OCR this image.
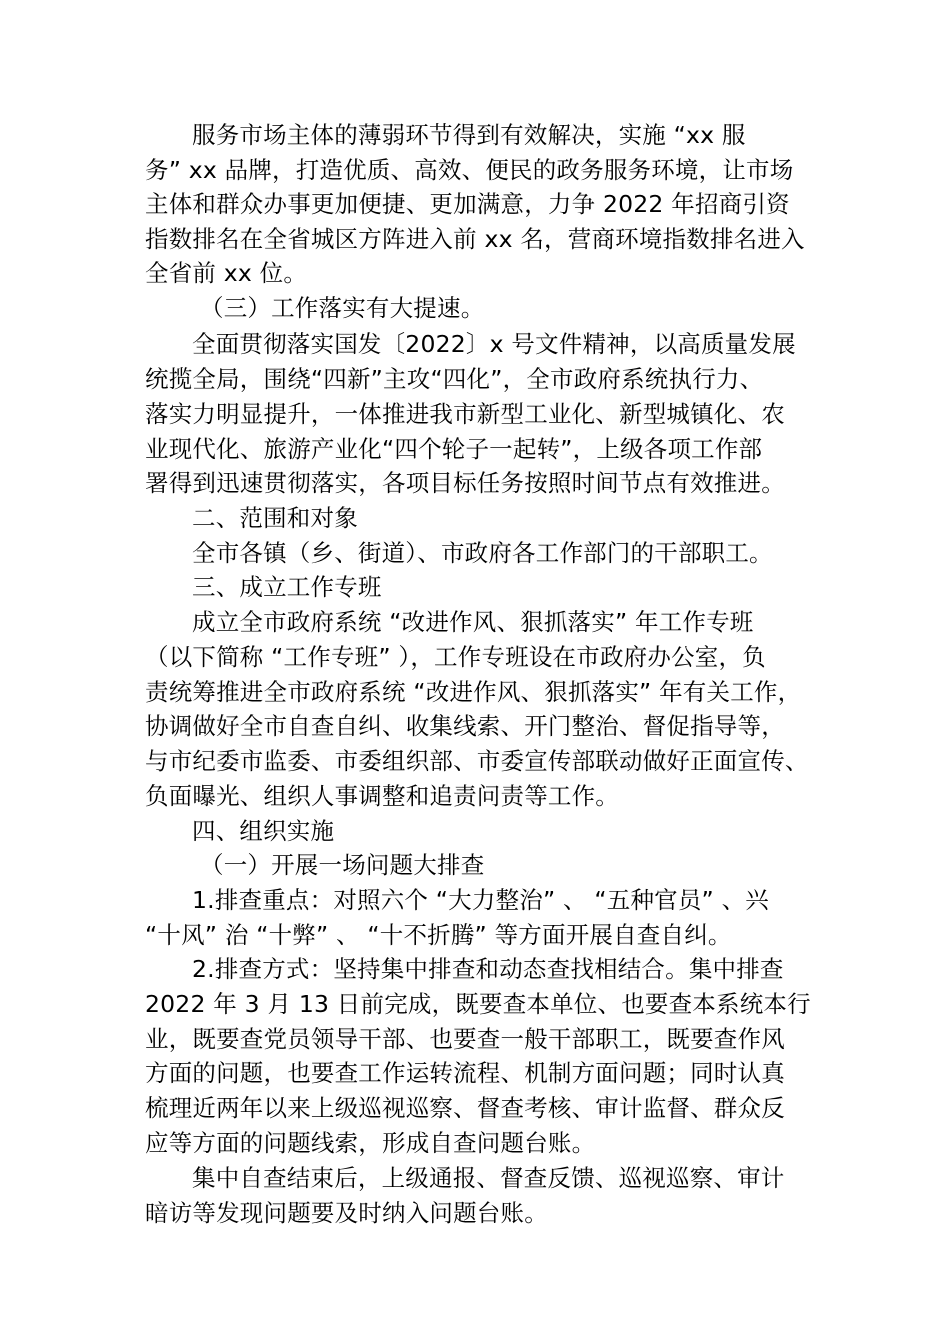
服务市场主体的薄弱环节得到有效解决，实施 “xx 服
务” xx 品牌，打造优质、高效、便民的政务服务环境，让市场
主体和群众办事更加便捷、更加满意，力争 2022 年招商引资
指数排名在全省城区方阵进入前 xx 名，营商环境指数排名进入
全省前 xx 位。
（三）工作落实有大提速。
全面贯彻落实国发〔2022〕x 号文件精神，以高质量发展
统揽全局，围绕“四新”主攻“四化”，全市政府系统执行力、
落实力明显提升，一体推进我市新型工业化、新型城镇化、农
业现代化、旅游产业化“四个轮子一起转”，上级各项工作部
署得到迅速贯彻落实，各项目标任务按照时间节点有效推进。
二、范围和对象
全市各镇（乡、街道）、市政府各工作部门的干部职工。
三、成立工作专班
成立全市政府系统 “改进作风、狠抓落实” 年工作专班
（以下简称 “工作专班” ），工作专班设在市政府办公室，负
责统筹推进全市政府系统 “改进作风、狠抓落实” 年有关工作，
协调做好全市自查自纠、收集线索、开门整治、督促指导等，
与市纪委市监委、市委组织部、市委宣传部联动做好正面宣传、
负面曝光、组织人事调整和追责问责等工作。
四、组织实施
（一）开展一场问题大排查
1.排查重点：对照六个 “大力整治” 、 “五种官员” 、兴
“十风” 治 “十弊” 、 “十不折腾” 等方面开展自查自纠。
2.排查方式：坚持集中排查和动态查找相结合。集中排查
2022 年 3 月 13 日前完成，既要查本单位、也要查本系统本行
业，既要查党员领导干部、也要查一般干部职工，既要查作风
方面的问题，也要查工作运转流程、机制方面问题；同时认真
梳理近两年以来上级巡视巡察、督查考核、审计监督、群众反
应等方面的问题线索，形成自查问题台账。
集中自查结束后，上级通报、督查反馈、巡视巡察、审计
暗访等发现问题要及时纳入问题台账。
